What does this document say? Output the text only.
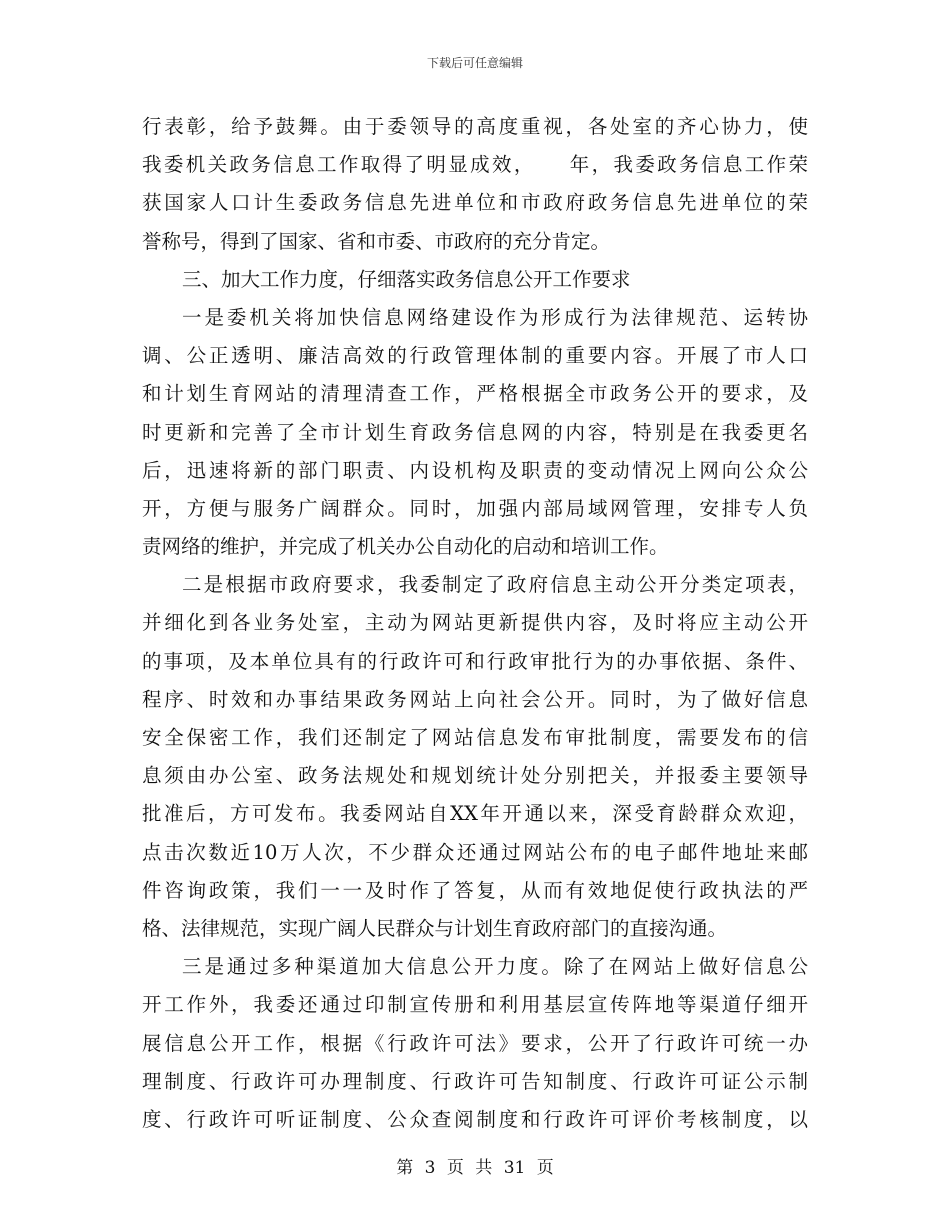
下载后可任意编辑
行表彰，给予鼓舞。由于委领导的高度重视，各处室的齐心协力，使
我委机关政务信息工作取得了明显成效，　　年，我委政务信息工作荣
获国家人口计生委政务信息先进单位和市政府政务信息先进单位的荣
誉称号，得到了国家、省和市委、市政府的充分肯定。
三、加大工作力度，仔细落实政务信息公开工作要求
一是委机关将加快信息网络建设作为形成行为法律规范、运转协
调、公正透明、廉洁高效的行政管理体制的重要内容。开展了市人口
和计划生育网站的清理清查工作，严格根据全市政务公开的要求，及
时更新和完善了全市计划生育政务信息网的内容，特别是在我委更名
后，迅速将新的部门职责、内设机构及职责的变动情况上网向公众公
开，方便与服务广阔群众。同时，加强内部局域网管理，安排专人负
责网络的维护，并完成了机关办公自动化的启动和培训工作。
二是根据市政府要求，我委制定了政府信息主动公开分类定项表，
并细化到各业务处室，主动为网站更新提供内容，及时将应主动公开
的事项，及本单位具有的行政许可和行政审批行为的办事依据、条件、
程序、时效和办事结果政务网站上向社会公开。同时，为了做好信息
安全保密工作，我们还制定了网站信息发布审批制度，需要发布的信
息须由办公室、政务法规处和规划统计处分别把关，并报委主要领导
批准后，方可发布。我委网站自XX年开通以来，深受育龄群众欢迎，
点击次数近10万人次，不少群众还通过网站公布的电子邮件地址来邮
件咨询政策，我们一一及时作了答复，从而有效地促使行政执法的严
格、法律规范，实现广阔人民群众与计划生育政府部门的直接沟通。
三是通过多种渠道加大信息公开力度。除了在网站上做好信息公
开工作外，我委还通过印制宣传册和利用基层宣传阵地等渠道仔细开
展信息公开工作，根据《行政许可法》要求，公开了行政许可统一办
理制度、行政许可办理制度、行政许可告知制度、行政许可证公示制
度、行政许可听证制度、公众查阅制度和行政许可评价考核制度，以
第 3 页 共 31 页
